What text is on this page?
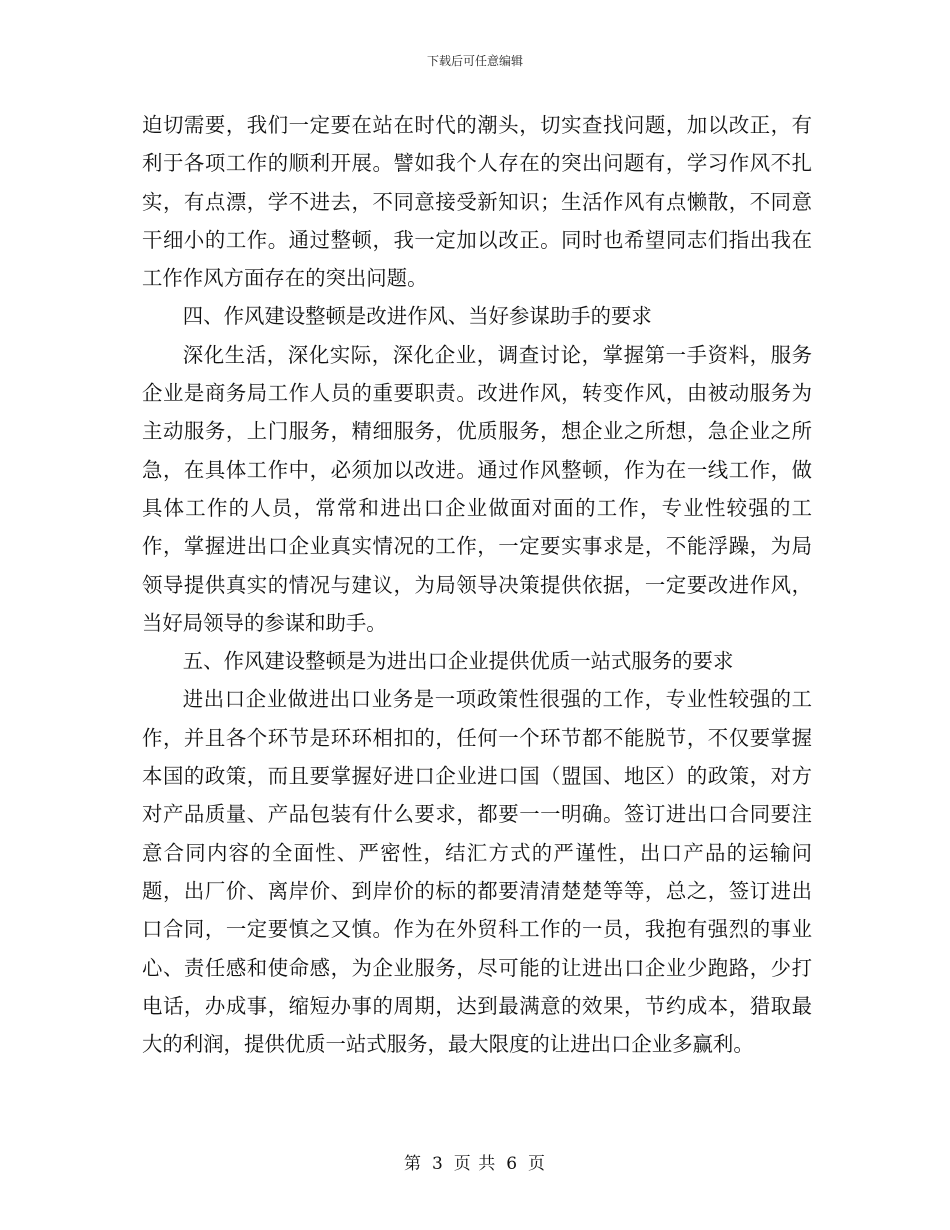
下载后可任意编辑

迫切需要，我们一定要在站在时代的潮头，切实查找问题，加以改正，有利于各项工作的顺利开展。譬如我个人存在的突出问题有，学习作风不扎实，有点漂，学不进去，不同意接受新知识；生活作风有点懒散，不同意干细小的工作。通过整顿，我一定加以改正。同时也希望同志们指出我在工作作风方面存在的突出问题。

四、作风建设整顿是改进作风、当好参谋助手的要求

深化生活，深化实际，深化企业，调查讨论，掌握第一手资料，服务企业是商务局工作人员的重要职责。改进作风，转变作风，由被动服务为主动服务，上门服务，精细服务，优质服务，想企业之所想，急企业之所急，在具体工作中，必须加以改进。通过作风整顿，作为在一线工作，做具体工作的人员，常常和进出口企业做面对面的工作，专业性较强的工作，掌握进出口企业真实情况的工作，一定要实事求是，不能浮躁，为局领导提供真实的情况与建议，为局领导决策提供依据，一定要改进作风，当好局领导的参谋和助手。

五、作风建设整顿是为进出口企业提供优质一站式服务的要求

进出口企业做进出口业务是一项政策性很强的工作，专业性较强的工作，并且各个环节是环环相扣的，任何一个环节都不能脱节，不仅要掌握本国的政策，而且要掌握好进口企业进口国（盟国、地区）的政策，对方对产品质量、产品包装有什么要求，都要一一明确。签订进出口合同要注意合同内容的全面性、严密性，结汇方式的严谨性，出口产品的运输问题，出厂价、离岸价、到岸价的标的都要清清楚楚等等，总之，签订进出口合同，一定要慎之又慎。作为在外贸科工作的一员，我抱有强烈的事业心、责任感和使命感，为企业服务，尽可能的让进出口企业少跑路，少打电话，办成事，缩短办事的周期，达到最满意的效果，节约成本，猎取最大的利润，提供优质一站式服务，最大限度的让进出口企业多赢利。

第 3 页 共 6 页
